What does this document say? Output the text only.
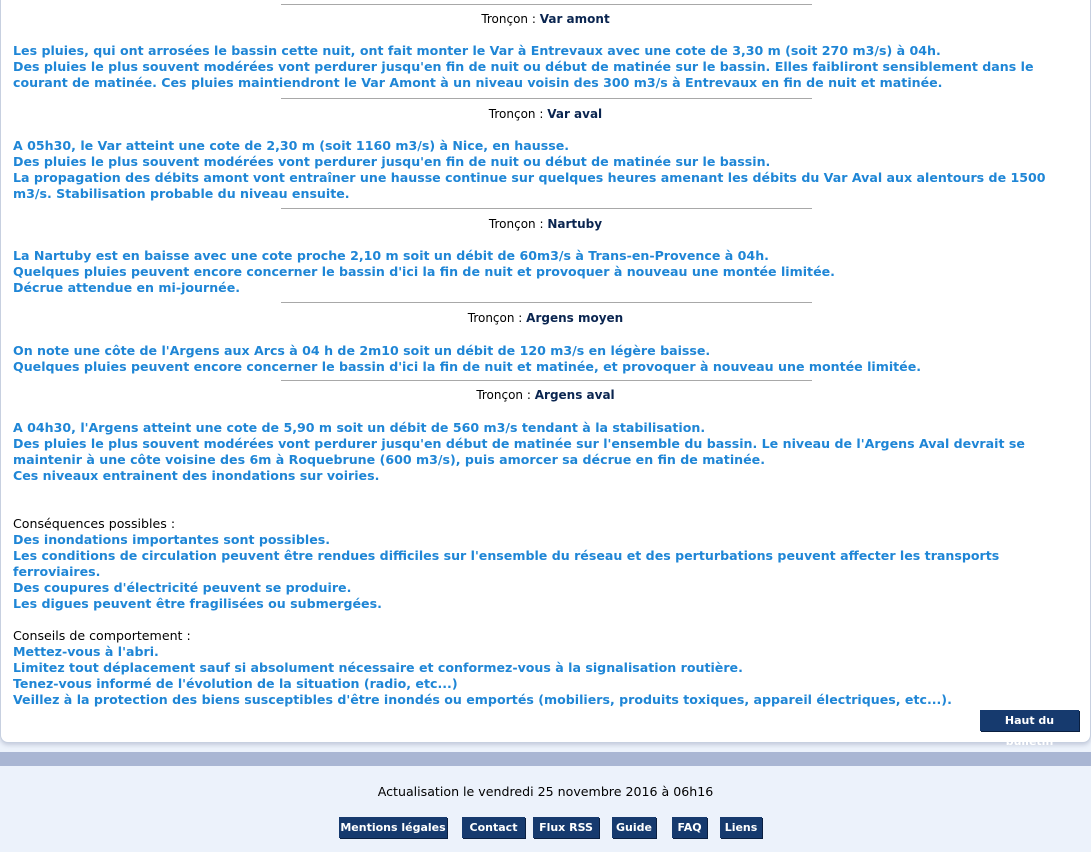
Tronçon : Var amont
Les pluies, qui ont arrosées le bassin cette nuit, ont fait monter le Var à Entrevaux avec une cote de 3,30 m (soit 270 m3/s) à 04h.
Des pluies le plus souvent modérées vont perdurer jusqu'en fin de nuit ou début de matinée sur le bassin. Elles faibliront sensiblement dans le
courant de matinée. Ces pluies maintiendront le Var Amont à un niveau voisin des 300 m3/s à Entrevaux en fin de nuit et matinée.
Tronçon : Var aval
A 05h30, le Var atteint une cote de 2,30 m (soit 1160 m3/s) à Nice, en hausse.
Des pluies le plus souvent modérées vont perdurer jusqu'en fin de nuit ou début de matinée sur le bassin.
La propagation des débits amont vont entraîner une hausse continue sur quelques heures amenant les débits du Var Aval aux alentours de 1500
m3/s. Stabilisation probable du niveau ensuite.
Tronçon : Nartuby
La Nartuby est en baisse avec une cote proche 2,10 m soit un débit de 60m3/s à Trans-en-Provence à 04h.
Quelques pluies peuvent encore concerner le bassin d'ici la fin de nuit et provoquer à nouveau une montée limitée.
Décrue attendue en mi-journée.
Tronçon : Argens moyen
On note une côte de l'Argens aux Arcs à 04 h de 2m10 soit un débit de 120 m3/s en légère baisse.
Quelques pluies peuvent encore concerner le bassin d'ici la fin de nuit et matinée, et provoquer à nouveau une montée limitée.
Tronçon : Argens aval
A 04h30, l'Argens atteint une cote de 5,90 m soit un débit de 560 m3/s tendant à la stabilisation.
Des pluies le plus souvent modérées vont perdurer jusqu'en début de matinée sur l'ensemble du bassin. Le niveau de l'Argens Aval devrait se
maintenir à une côte voisine des 6m à Roquebrune (600 m3/s), puis amorcer sa décrue en fin de matinée.
Ces niveaux entrainent des inondations sur voiries.
Conséquences possibles :
Des inondations importantes sont possibles.
Les conditions de circulation peuvent être rendues difficiles sur l'ensemble du réseau et des perturbations peuvent affecter les transports
ferroviaires.
Des coupures d'électricité peuvent se produire.
Les digues peuvent être fragilisées ou submergées.
Conseils de comportement :
Mettez-vous à l'abri.
Limitez tout déplacement sauf si absolument nécessaire et conformez-vous à la signalisation routière.
Tenez-vous informé de l'évolution de la situation (radio, etc...)
Veillez à la protection des biens susceptibles d'être inondés ou emportés (mobiliers, produits toxiques, appareil électriques, etc...).
Haut du bulletin
Actualisation le vendredi 25 novembre 2016 à 06h16
Mentions légales	Contact	Flux RSS	Guide	FAQ	Liens
